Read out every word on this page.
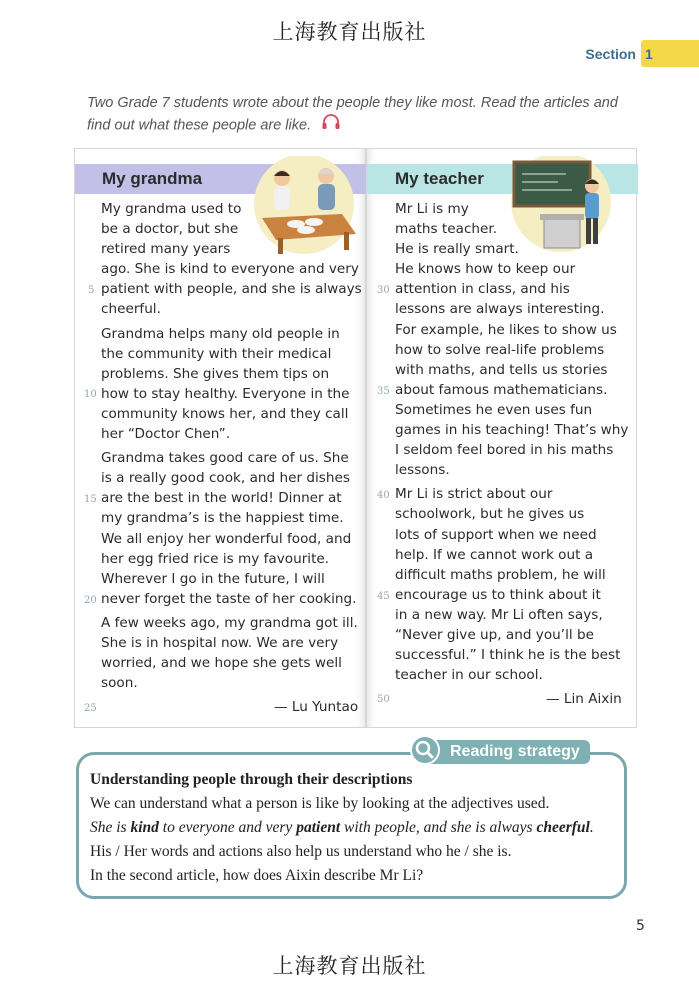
上海教育出版社
Section 1
Two Grade 7 students wrote about the people they like most. Read the articles and find out what these people are like.
My grandma	My teacher

My grandma used to
be a doctor, but she
retired many years
ago. She is kind to everyone and very
patient with people, and she is always
cheerful.

Grandma helps many old people in
the community with their medical
problems. She gives them tips on
how to stay healthy. Everyone in the
community knows her, and they call
her “Doctor Chen”.

Grandma takes good care of us. She
is a really good cook, and her dishes
are the best in the world! Dinner at
my grandma’s is the happiest time.
We all enjoy her wonderful food, and
her egg fried rice is my favourite.
Wherever I go in the future, I will
never forget the taste of her cooking.

A few weeks ago, my grandma got ill.
She is in hospital now. We are very
worried, and we hope she gets well
soon.

Mr Li is my
maths teacher.
He is really smart.
He knows how to keep our
attention in class, and his
lessons are always interesting.
For example, he likes to show us
how to solve real-life problems
with maths, and tells us stories
about famous mathematicians.
Sometimes he even uses fun
games in his teaching! That’s why
I seldom feel bored in his maths
lessons.

Mr Li is strict about our
schoolwork, but he gives us
lots of support when we need
help. If we cannot work out a
difficult maths problem, he will
encourage us to think about it
in a new way. Mr Li often says,
“Never give up, and you’ll be
successful.” I think he is the best
teacher in our school.

5
10
15
20
25
30
35
40
45
50
— Lu Yuntao	— Lin Aixin
Reading strategy
Understanding people through their descriptions
We can understand what a person is like by looking at the adjectives used.
She is kind to everyone and very patient with people, and she is always cheerful.
His / Her words and actions also help us understand who he / she is.
In the second article, how does Aixin describe Mr Li?
5
上海教育出版社
